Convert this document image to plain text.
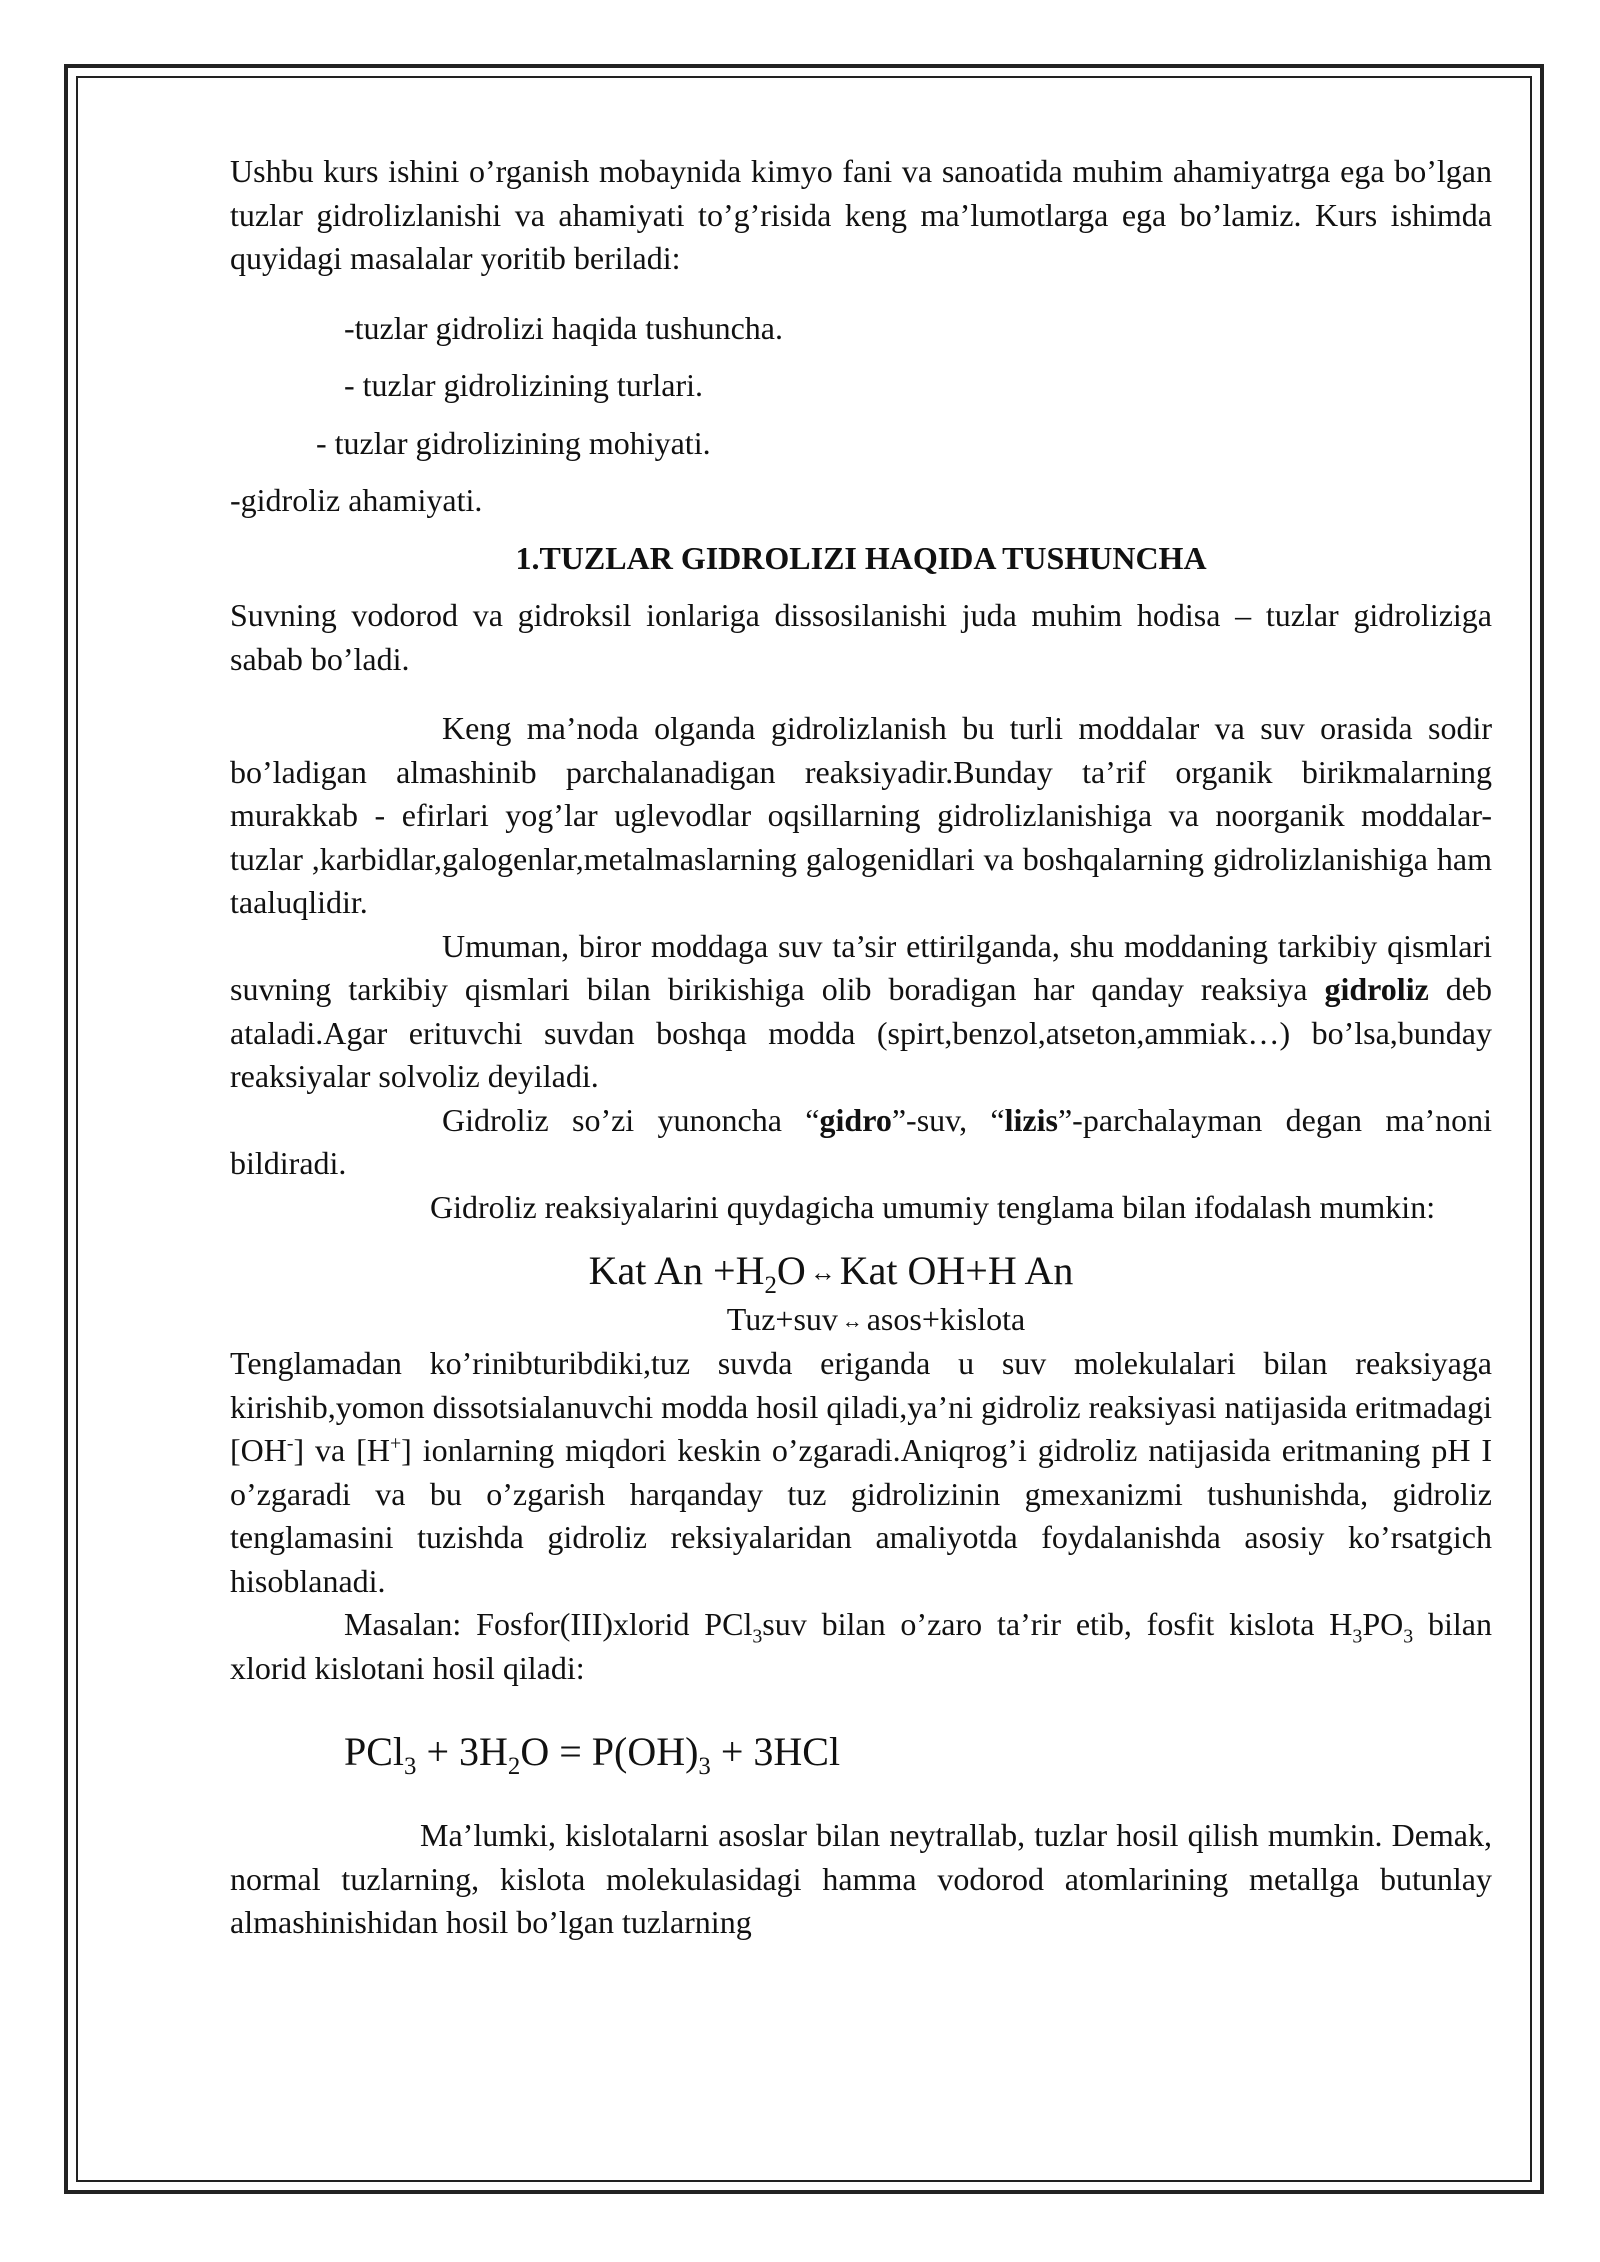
Ushbu kurs ishini o’rganish mobaynida kimyo fani va sanoatida muhim ahamiyatrga ega bo’lgan tuzlar gidrolizlanishi va ahamiyati to’g’risida keng ma’lumotlarga ega bo’lamiz. Kurs ishimda quyidagi masalalar yoritib beriladi:

-tuzlar gidrolizi haqida tushuncha.

- tuzlar gidrolizining turlari.

- tuzlar gidrolizining mohiyati.

-gidroliz ahamiyati.

1.TUZLAR GIDROLIZI HAQIDA TUSHUNCHA

Suvning vodorod va gidroksil ionlariga dissosilanishi juda muhim hodisa – tuzlar gidroliziga sabab bo’ladi.

Keng ma’noda olganda gidrolizlanish bu turli moddalar va suv orasida sodir bo’ladigan almashinib parchalanadigan reaksiyadir.Bunday ta’rif organik birikmalarning murakkab - efirlari yog’lar uglevodlar oqsillarning gidrolizlanishiga va noorganik moddalar- tuzlar ,karbidlar,galogenlar,metalmaslarning galogenidlari va boshqalarning gidrolizlanishiga ham taaluqlidir.

Umuman, biror moddaga suv ta’sir ettirilganda, shu moddaning tarkibiy qismlari suvning tarkibiy qismlari bilan birikishiga olib boradigan har qanday reaksiya gidroliz deb ataladi.Agar erituvchi suvdan boshqa modda (spirt,benzol,atseton,ammiak…) bo’lsa,bunday reaksiyalar solvoliz deyiladi.

Gidroliz so’zi yunoncha “gidro”-suv, “lizis”-parchalayman degan ma’noni bildiradi.

Gidroliz reaksiyalarini quydagicha umumiy tenglama bilan ifodalash mumkin:

Kat $An +H_2O$ ↔ Kat OH+H An

Tuz+suv ↔ asos+kislota

Tenglamadan ko’rinibturibdiki,tuz suvda eriganda u suv molekulalari bilan reaksiyaga kirishib,yomon dissotsialanuvchi modda hosil qiladi,ya’ni gidroliz reaksiyasi natijasida eritmadagi [OH-] va [H+] ionlarning miqdori keskin o’zgaradi.Aniqrog’i gidroliz natijasida eritmaning pH I o’zgaradi va bu o’zgarish harqanday tuz gidrolizinin gmexanizmi tushunishda, gidroliz tenglamasini tuzishda gidroliz reksiyalaridan amaliyotda foydalanishda asosiy ko’rsatgich hisoblanadi.

Masalan: Fosfor(III)xlorid PCl$_3$suv bilan o’zaro ta’rir etib, fosfit kislota $H_3PO_3$ bilan xlorid kislotani hosil qiladi:

$PCl_3 + 3H_2O = P(OH)_3 + 3HCl$

Ma’lumki, kislotalarni asoslar bilan neytrallab, tuzlar hosil qilish mumkin. Demak, normal tuzlarning, kislota molekulasidagi hamma vodorod atomlarining metallga butunlay almashinishidan hosil bo’lgan tuzlarning
